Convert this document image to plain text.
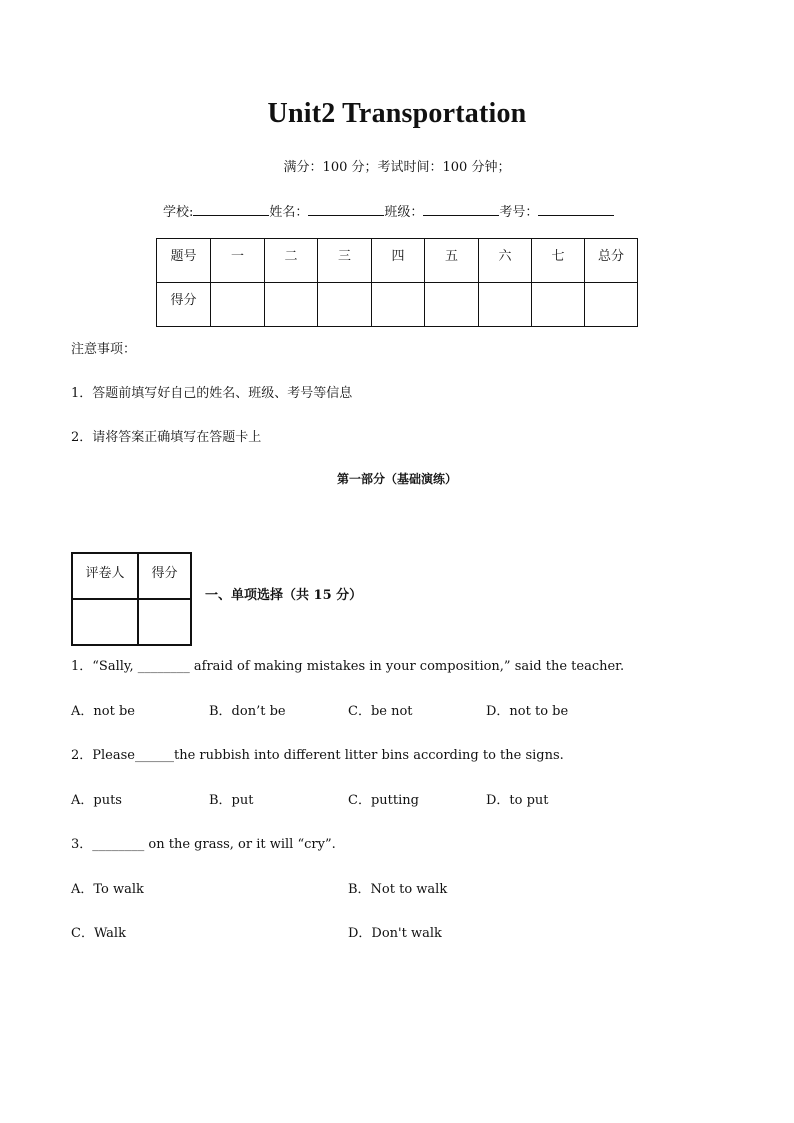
Unit2 Transportation
满分：100 分；考试时间：100 分钟；
学校:	姓名：	班级：	考号：
题号	一	二	三	四	五	六	七	总分
得分								
注意事项：
1．答题前填写好自己的姓名、班级、考号等信息
2．请将答案正确填写在答题卡上
第一部分（基础演练）
评卷人	得分

一、单项选择（共 15 分）
1．“Sally, ________ afraid of making mistakes in your composition,” said the teacher.
A．not be	B．don’t be	C．be not	D．not to be
2．Please______the rubbish into different litter bins according to the signs.
A．puts	B．put	C．putting	D．to put
3．________ on the grass, or it will “cry”.
A．To walk	B．Not to walk
C．Walk	D．Don't walk
